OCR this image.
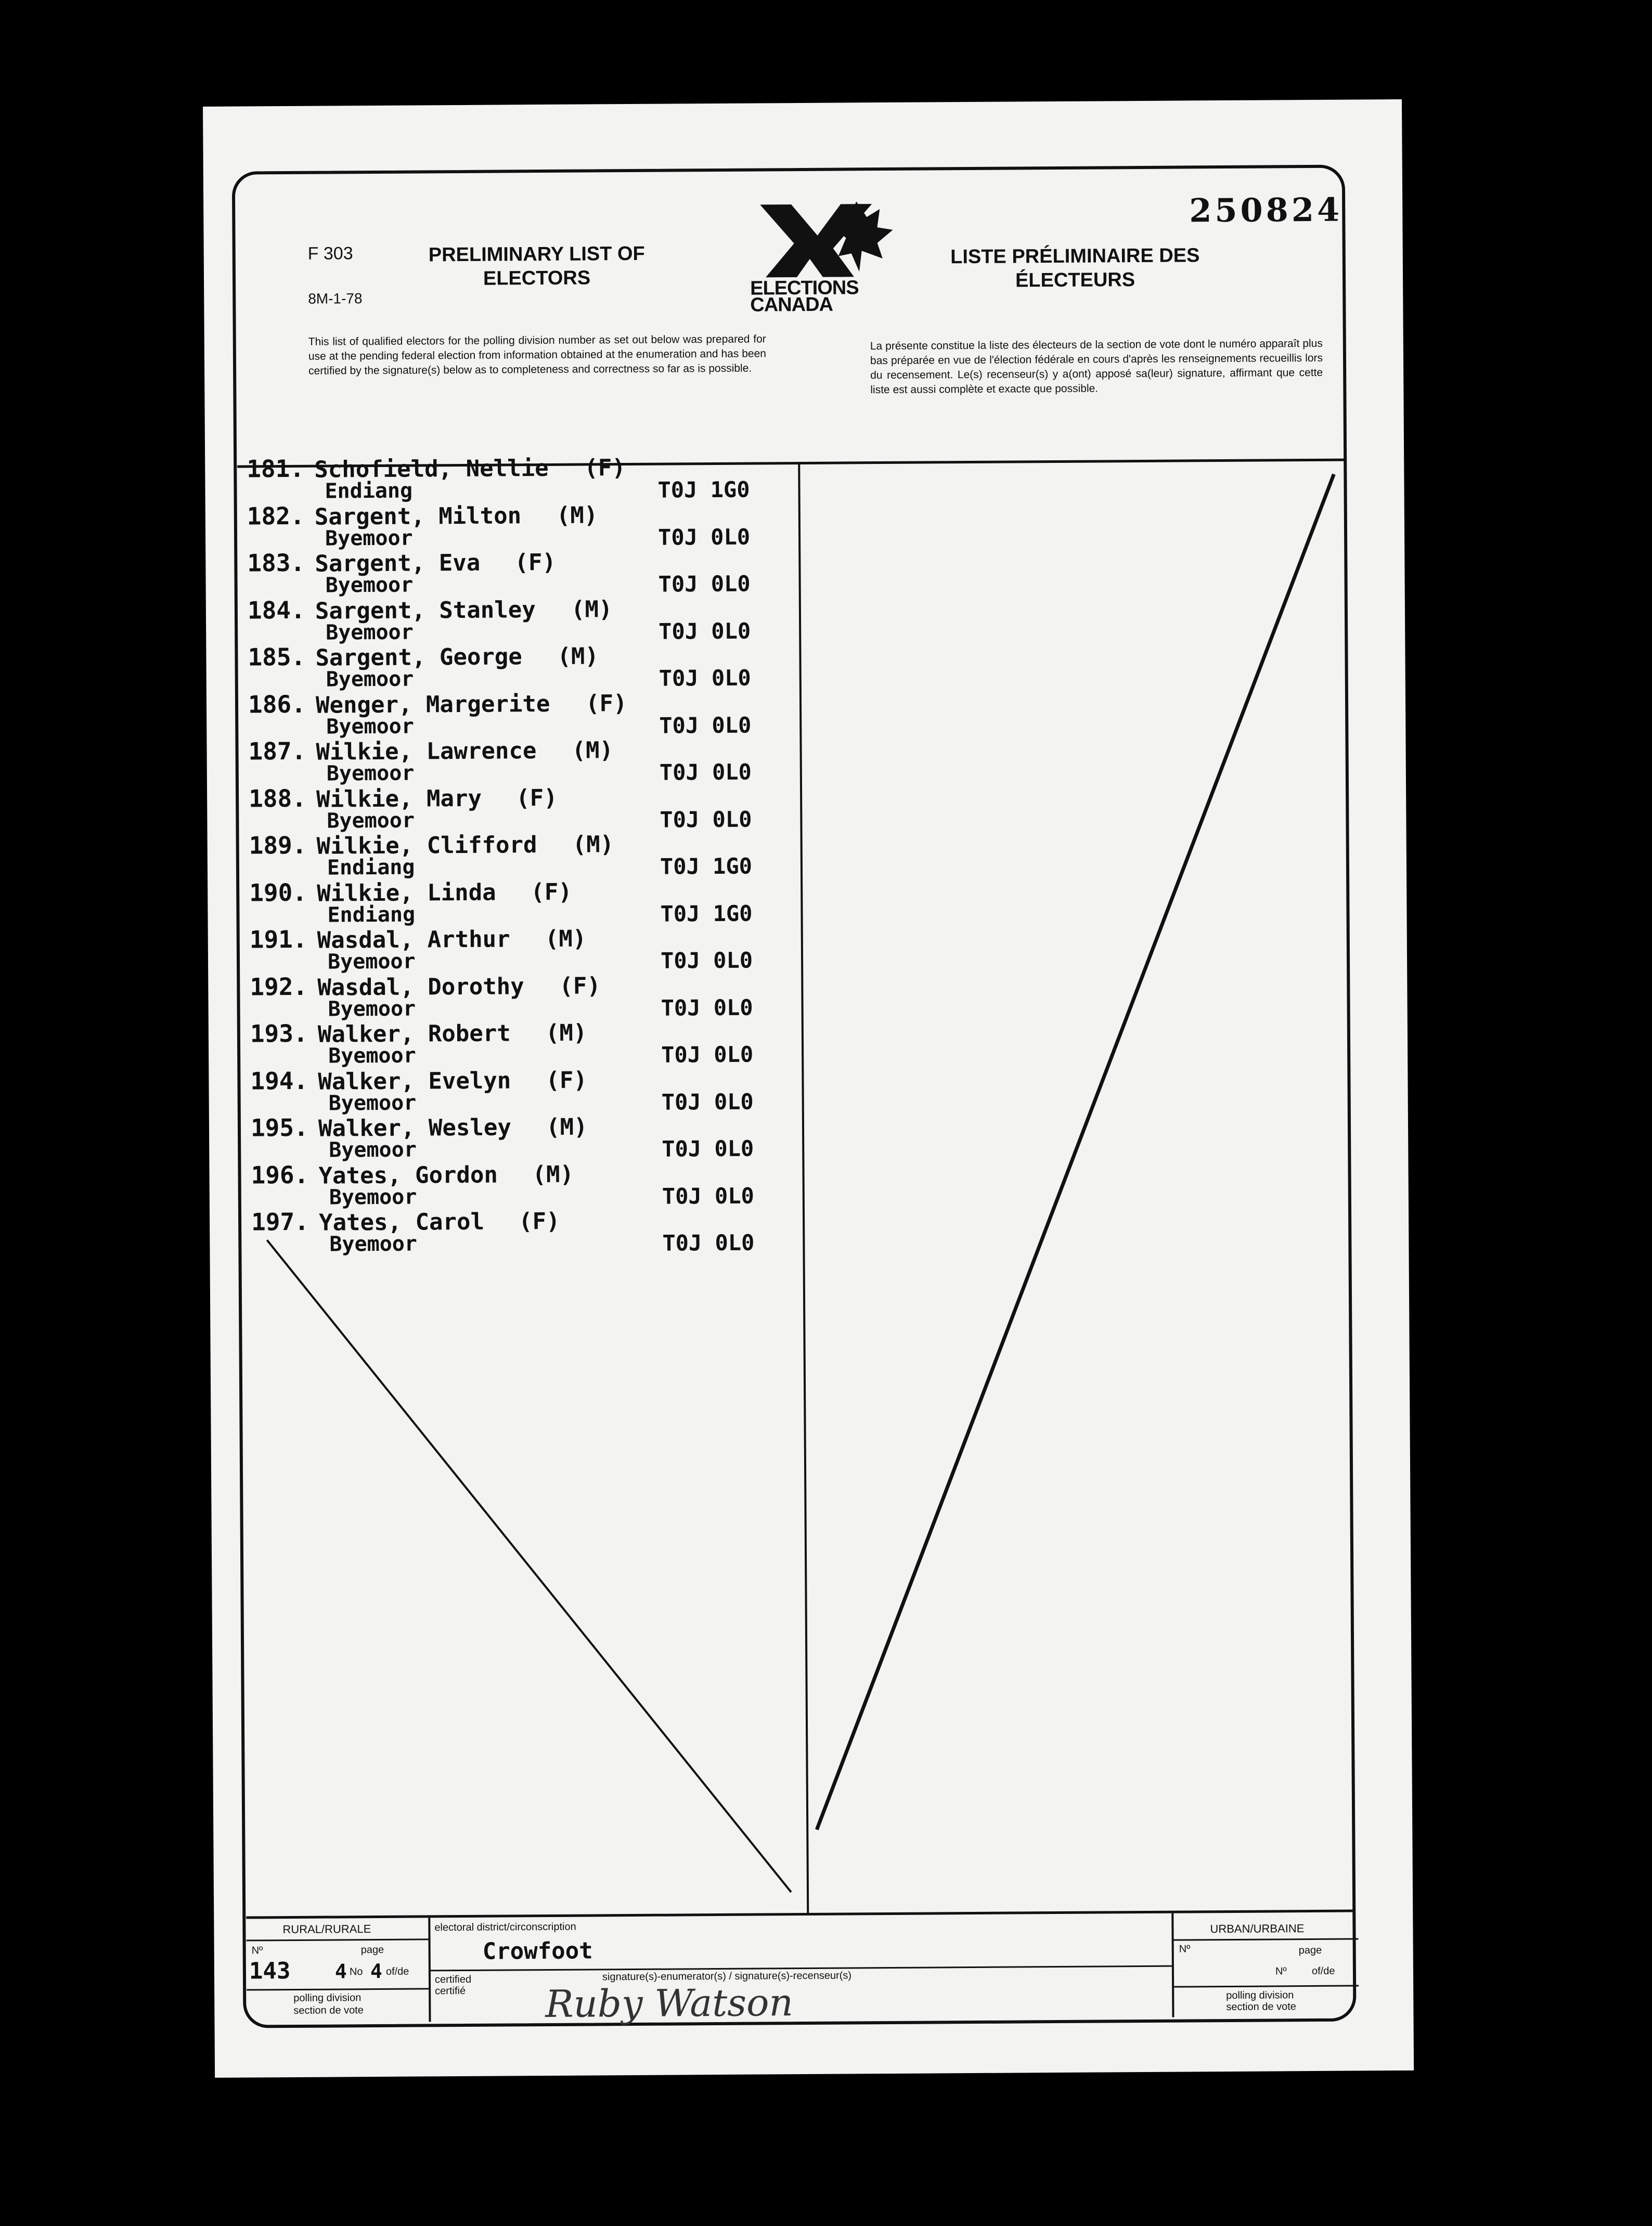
250824
F 303
8M-1-78
PRELIMINARY LIST OF
ELECTORS	ELECTIONS
CANADA
LISTE PRÉLIMINAIRE DES
ÉLECTEURS
This list of qualified electors for the polling division number as set out below was prepared for use at the pending federal election from information obtained at the enumeration and has been certified by the signature(s) below as to completeness and correctness so far as is possible.
La présente constitue la liste des électeurs de la section de vote dont le numéro apparaît plus bas préparée en vue de l'élection fédérale en cours d'après les renseignements recueillis lors du recensement. Le(s) recenseur(s) y a(ont) apposé sa(leur) signature, affirmant que cette liste est aussi complète et exacte que possible.
181. Schofield, Nellie (F)
Endiang	T0J 1G0
182. Sargent, Milton (M)
Byemoor	T0J 0L0
183. Sargent, Eva (F)
Byemoor	T0J 0L0
184. Sargent, Stanley (M)
Byemoor	T0J 0L0
185. Sargent, George (M)
Byemoor	T0J 0L0
186. Wenger, Margerite (F)
Byemoor	T0J 0L0
187. Wilkie, Lawrence (M)
Byemoor	T0J 0L0
188. Wilkie, Mary (F)
Byemoor	T0J 0L0
189. Wilkie, Clifford (M)
Endiang	T0J 1G0
190. Wilkie, Linda (F)
Endiang	T0J 1G0
191. Wasdal, Arthur (M)
Byemoor	T0J 0L0
192. Wasdal, Dorothy (F)
Byemoor	T0J 0L0
193. Walker, Robert (M)
Byemoor	T0J 0L0
194. Walker, Evelyn (F)
Byemoor	T0J 0L0
195. Walker, Wesley (M)
Byemoor	T0J 0L0
196. Yates, Gordon (M)
Byemoor	T0J 0L0
197. Yates, Carol (F)
Byemoor	T0J 0L0
RURAL/RURALE
Nº
143
page
4 No 4 of/de
polling division
section de vote
electoral district/circonscription
Crowfoot
certified
certifié
signature(s)-enumerator(s) / signature(s)-recenseur(s)
Ruby Watson
URBAN/URBAINE
Nº	page
Nº of/de
polling division
section de vote
